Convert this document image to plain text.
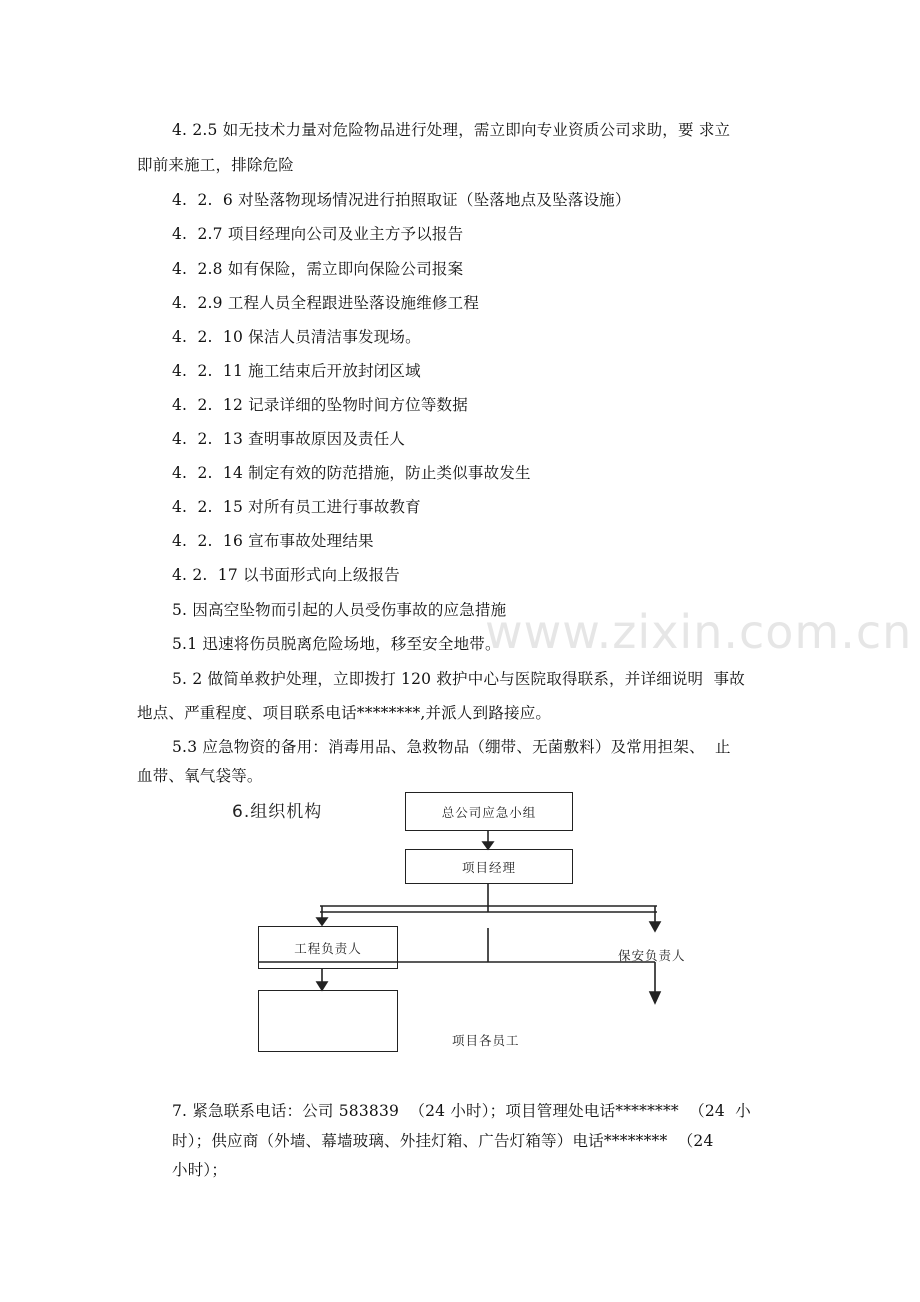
www.zixin.com.cn
4. 2.5 如无技术力量对危险物品进行处理，需立即向专业资质公司求助，要 求立
即前来施工，排除危险
4.  2.  6 对坠落物现场情况进行拍照取证（坠落地点及坠落设施）
4.  2.7 项目经理向公司及业主方予以报告
4.  2.8 如有保险，需立即向保险公司报案
4.  2.9 工程人员全程跟进坠落设施维修工程
4.  2.  10 保洁人员清洁事发现场。
4.  2.  11 施工结束后开放封闭区域
4.  2.  12 记录详细的坠物时间方位等数据
4.  2.  13 查明事故原因及责任人
4.  2.  14 制定有效的防范措施，防止类似事故发生
4.  2.  15 对所有员工进行事故教育
4.  2.  16 宣布事故处理结果
4. 2.  17 以书面形式向上级报告
5. 因高空坠物而引起的人员受伤事故的应急措施
5.1 迅速将伤员脱离危险场地，移至安全地带。
5. 2 做简单救护处理，立即拨打 120 救护中心与医院取得联系，并详细说明  事故
地点、严重程度、项目联系电话********,并派人到路接应。
5.3 应急物资的备用：消毒用品、急救物品（绷带、无菌敷料）及常用担架、  止
血带、氧气袋等。
6.组织机构	总公司应急小组
项目经理
工程负责人	保安负责人
项目各员工
7. 紧急联系电话：公司 583839  （24 小时）；项目管理处电话********  （24  小
时）；供应商（外墙、幕墙玻璃、外挂灯箱、广告灯箱等）电话********  （24
小时）；
